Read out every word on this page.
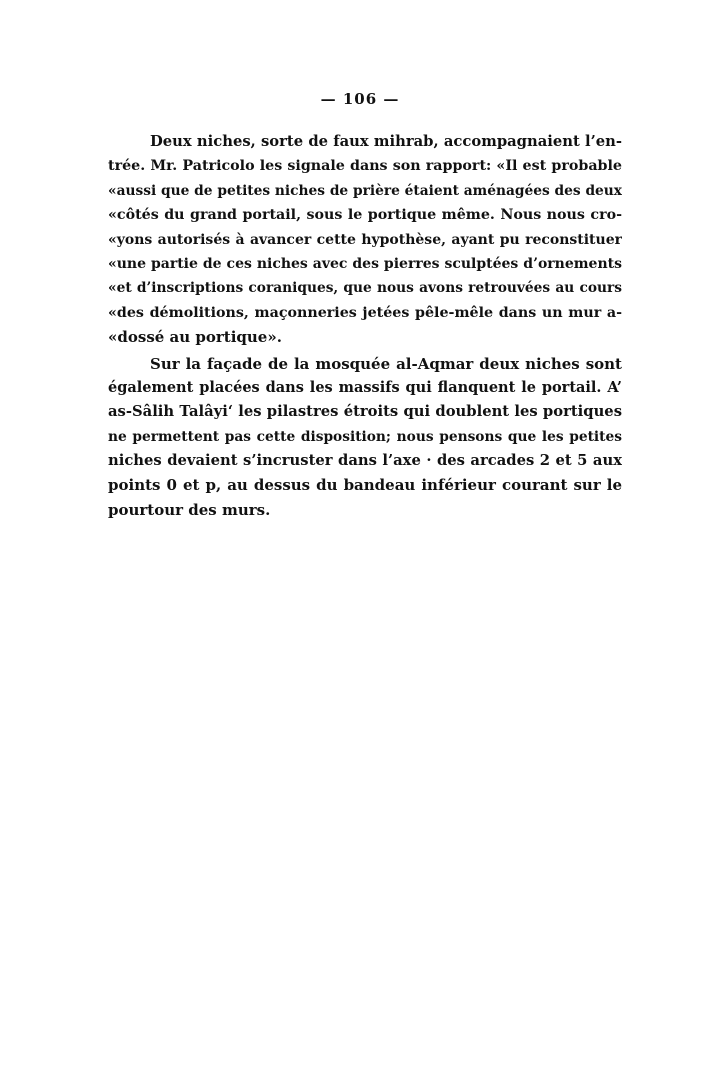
— 106 —
Deux niches, sorte de faux mihrab, accompagnaient l’en-
trée. Mr. Patricolo les signale dans son rapport: «Il est probable
«aussi que de petites niches de prière étaient aménagées des deux
«côtés du grand portail, sous le portique même. Nous nous cro-
«yons autorisés à avancer cette hypothèse, ayant pu reconstituer
«une partie de ces niches avec des pierres sculptées d’ornements
«et d’inscriptions coraniques, que nous avons retrouvées au cours
«des démolitions, maçonneries jetées pêle-mêle dans un mur a-
«dossé au portique».
Sur la façade de la mosquée al-Aqmar deux niches sont
également placées dans les massifs qui flanquent le portail. A’
as-Sâlih Talâyi‘ les pilastres étroits qui doublent les portiques
ne permettent pas cette disposition; nous pensons que les petites
niches devaient s’incruster dans l’axe · des arcades 2 et 5 aux
points 0 et p, au dessus du bandeau inférieur courant sur le
pourtour des murs.
